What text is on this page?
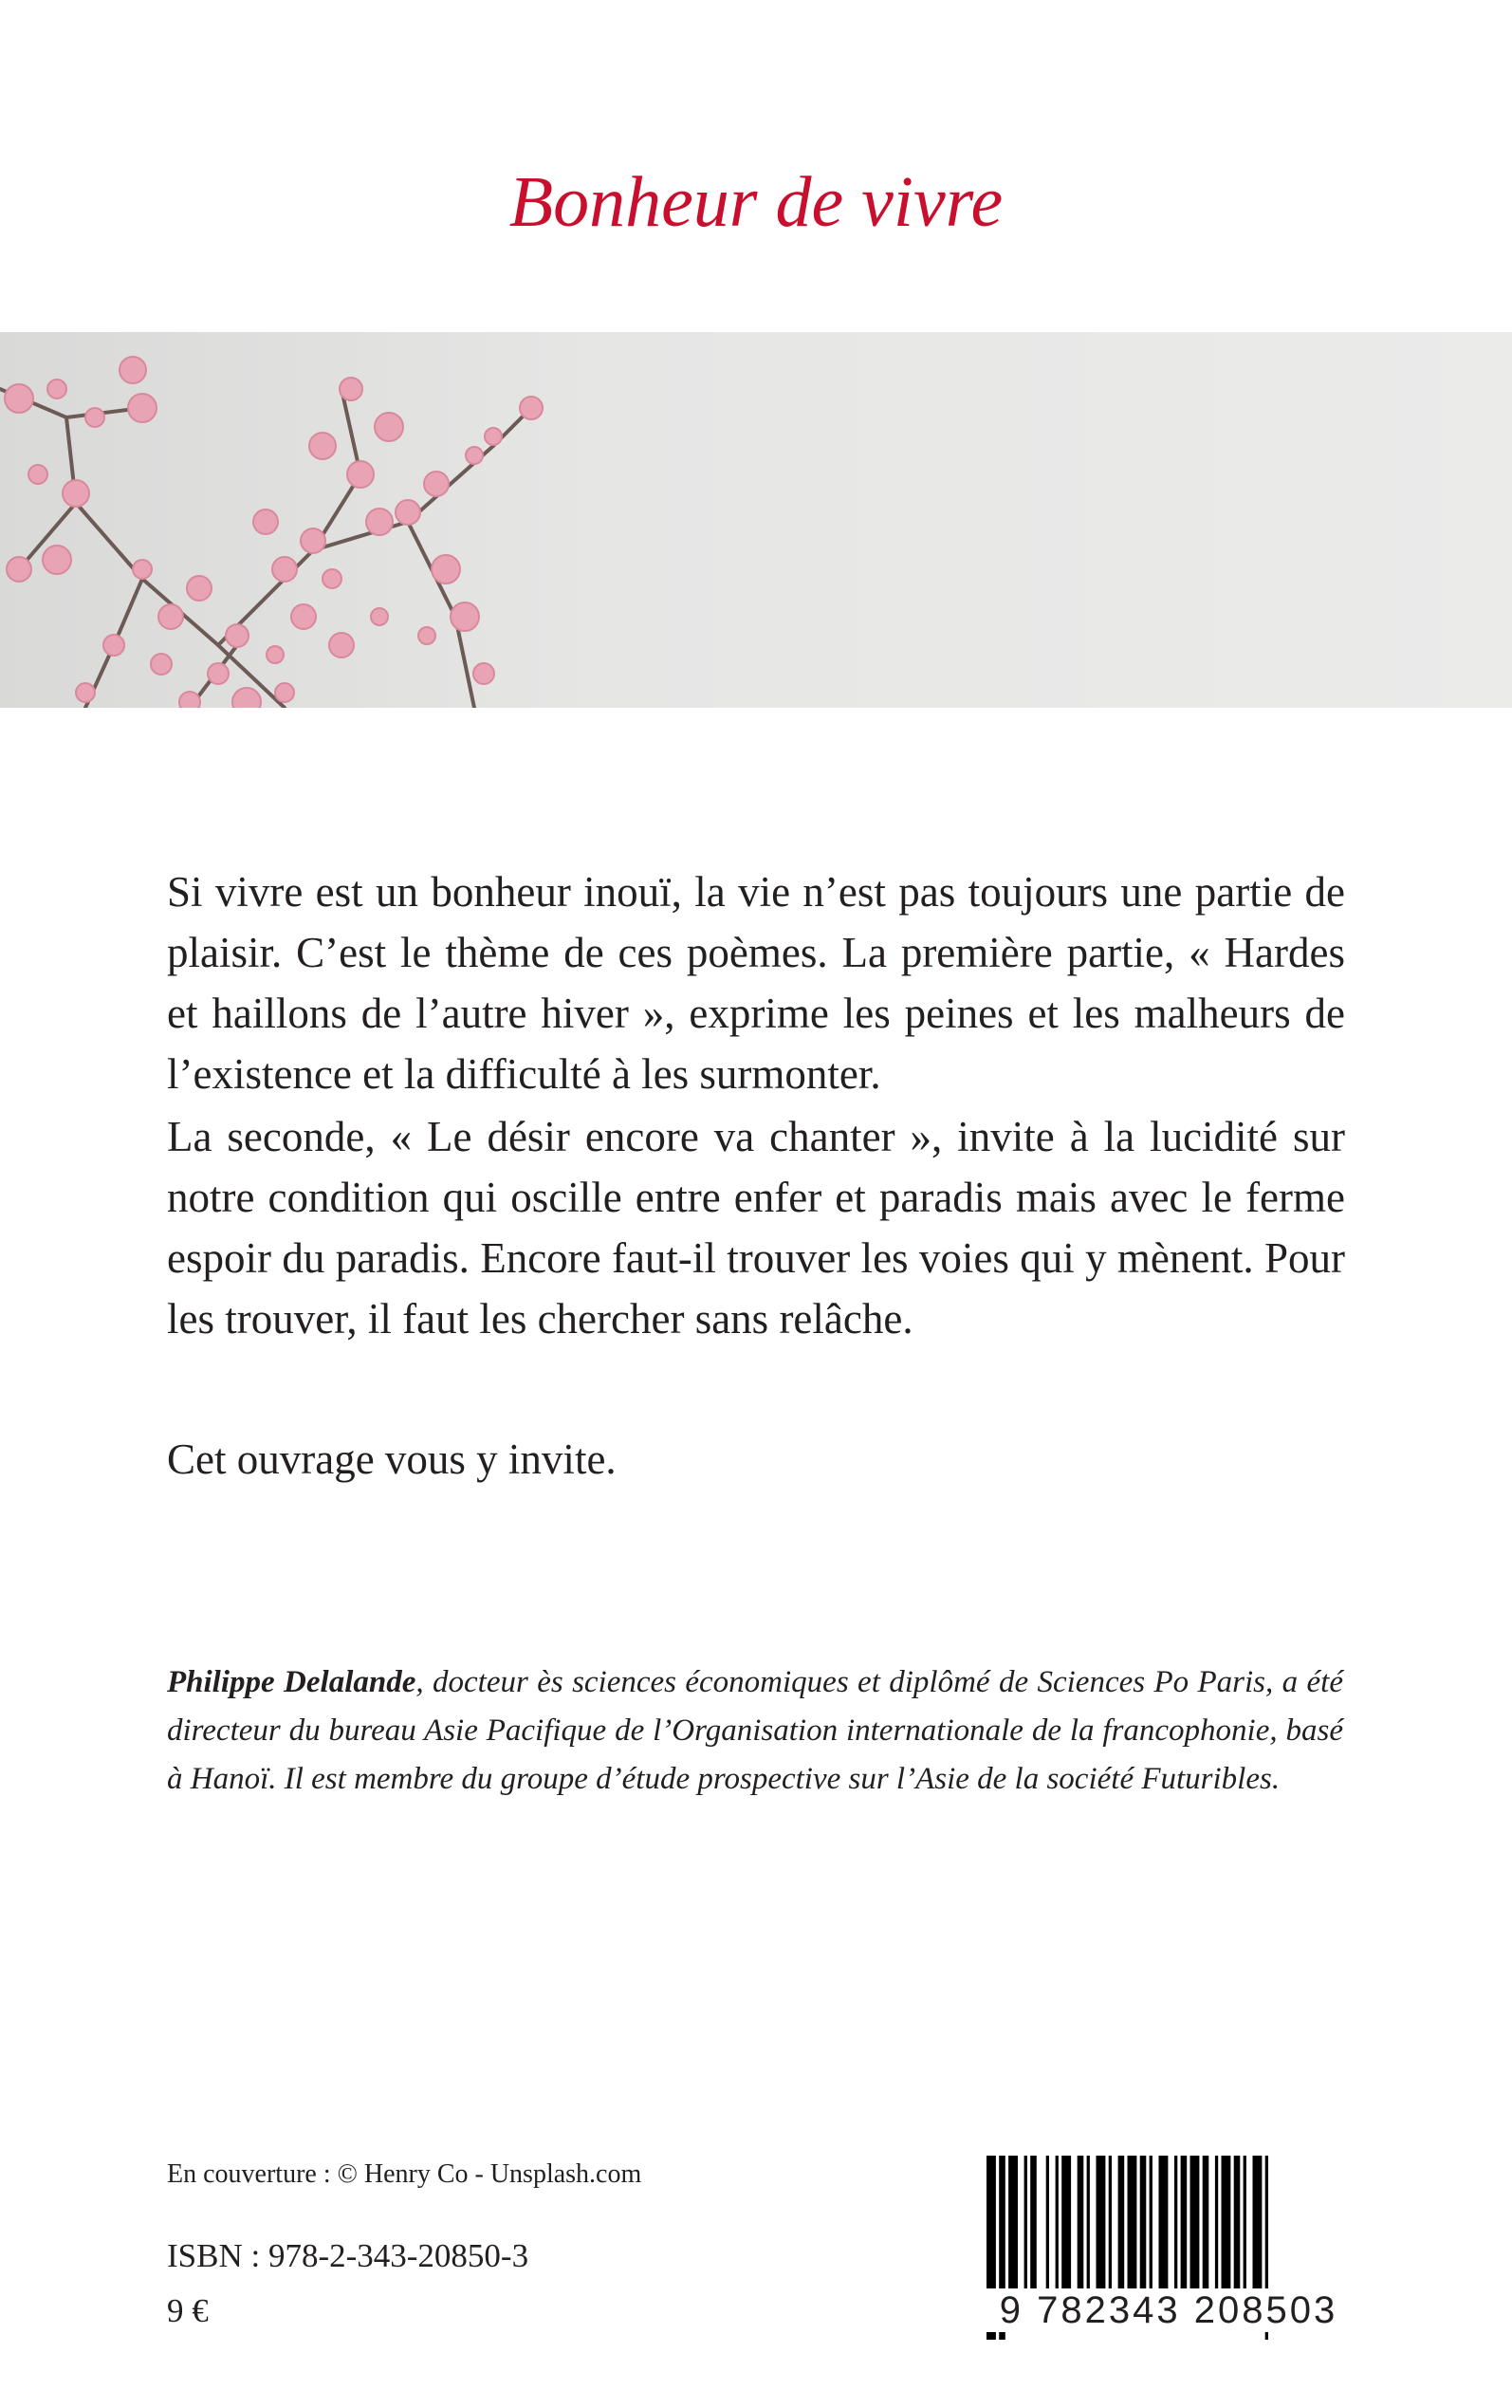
Bonheur de vivre

Si vivre est un bonheur inouï, la vie n’est pas toujours une partie de plaisir. C’est le thème de ces poèmes. La première partie, « Hardes et haillons de l’autre hiver », exprime les peines et les malheurs de l’existence et la difficulté à les surmonter.

La seconde, « Le désir encore va chanter », invite à la lucidité sur notre condition qui oscille entre enfer et paradis mais avec le ferme espoir du paradis. Encore faut-il trouver les voies qui y mènent. Pour les trouver, il faut les chercher sans relâche.

Cet ouvrage vous y invite.

Philippe Delalande, docteur ès sciences économiques et diplômé de Sciences Po Paris, a été directeur du bureau Asie Pacifique de l’Organisation internationale de la francophonie, basé à Hanoï. Il est membre du groupe d’étude prospective sur l’Asie de la société Futuribles.
En couverture : © Henry Co - Unsplash.com
ISBN : 978-2-343-20850-3
9 €	9 782343 208503
